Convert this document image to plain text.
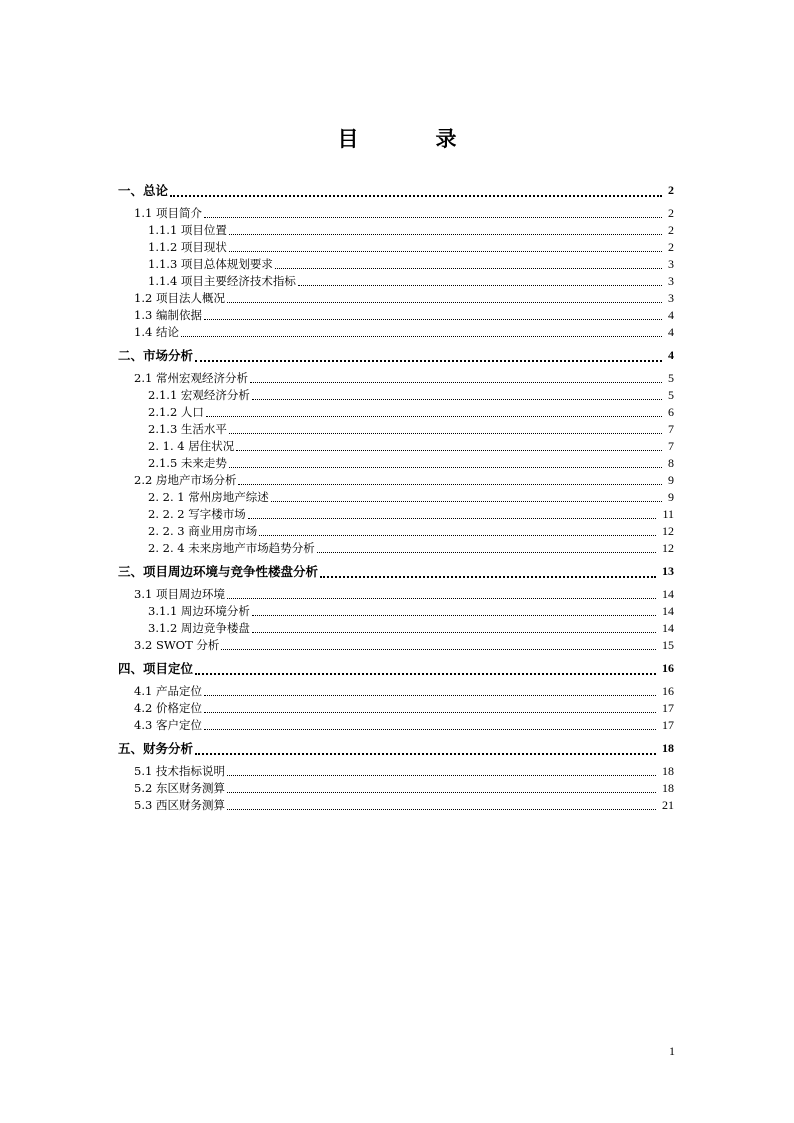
目　录
一、总论	2
1.1 项目简介	2
1.1.1 项目位置	2
1.1.2 项目现状	2
1.1.3 项目总体规划要求	3
1.1.4 项目主要经济技术指标	3
1.2 项目法人概况	3
1.3 编制依据	4
1.4 结论	4
二、市场分析	4
2.1 常州宏观经济分析	5
2.1.1 宏观经济分析	5
2.1.2 人口	6
2.1.3 生活水平	7
2. 1. 4 居住状况	7
2.1.5 未来走势	8
2.2 房地产市场分析	9
2. 2. 1 常州房地产综述	9
2. 2. 2 写字楼市场	11
2. 2. 3 商业用房市场	12
2. 2. 4 未来房地产市场趋势分析	12
三、项目周边环境与竞争性楼盘分析	13
3.1 项目周边环境	14
3.1.1 周边环境分析	14
3.1.2 周边竞争楼盘	14
3.2 SWOT 分析	15
四、项目定位	16
4.1 产品定位	16
4.2 价格定位	17
4.3 客户定位	17
五、财务分析	18
5.1 技术指标说明	18
5.2 东区财务测算	18
5.3 西区财务测算	21
1
